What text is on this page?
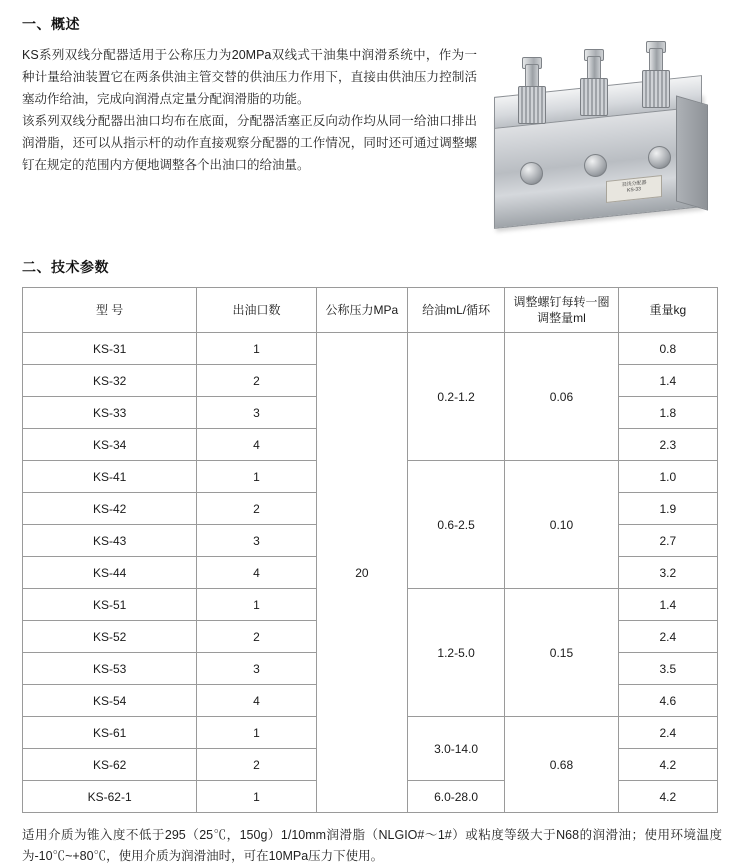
一、概述

KS系列双线分配器适用于公称压力为20MPa双线式干油集中润滑系统中，作为一种计量给油装置它在两条供油主管交替的供油压力作用下，直接由供油压力控制活塞动作给油，完成向润滑点定量分配润滑脂的功能。

该系列双线分配器出油口均布在底面，分配器活塞正反向动作均从同一给油口排出润滑脂，还可以从指示杆的动作直接观察分配器的工作情况，同时还可通过调整螺钉在规定的范围内方便地调整各个出油口的给油量。

双线分配器
KS-33
二、技术参数
型 号	出油口数	公称压力MPa	给油mL/循环	调整螺钉每转一圈调整量ml	重量kg
KS-31	1	20	0.2-1.2	0.06	0.8
KS-32	2				1.4
KS-33	3				1.8
KS-34	4				2.3
KS-41	1		0.6-2.5	0.10	1.0
KS-42	2				1.9
KS-43	3				2.7
KS-44	4				3.2
KS-51	1		1.2-5.0	0.15	1.4
KS-52	2				2.4
KS-53	3				3.5
KS-54	4				4.6
KS-61	1		3.0-14.0	0.68	2.4
KS-62	2				4.2
KS-62-1	1		6.0-28.0		4.2
适用介质为锥入度不低于295（25℃，150g）1/10mm润滑脂（NLGIO#～1#）或粘度等级大于N68的润滑油；使用环境温度为-10℃~+80℃，使用介质为润滑油时，可在10MPa压力下使用。
